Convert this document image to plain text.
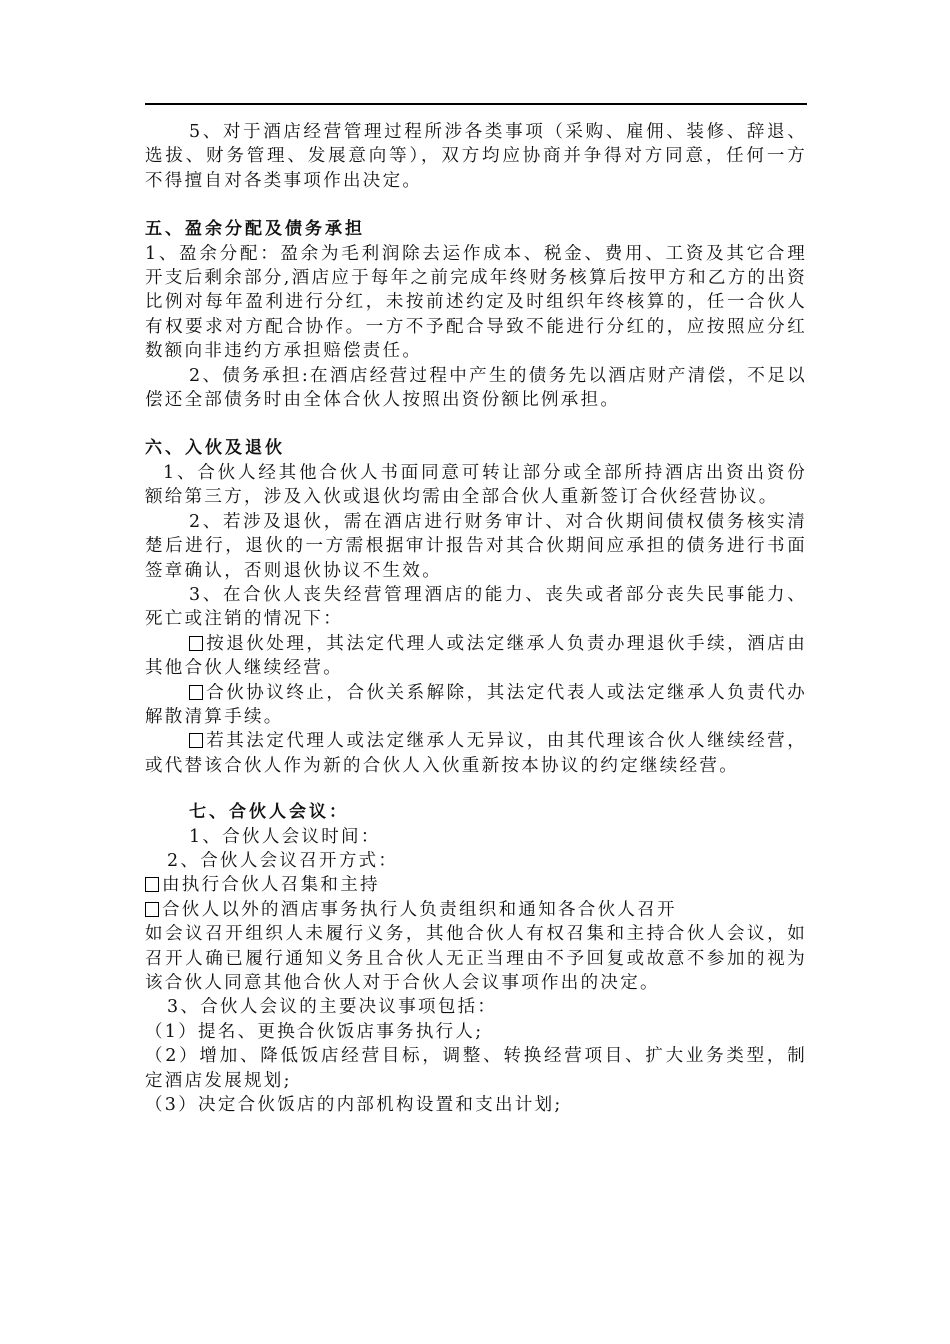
5、对于酒店经营管理过程所涉各类事项（采购、雇佣、装修、辞退、选拔、财务管理、发展意向等），双方均应协商并争得对方同意，任何一方不得擅自对各类事项作出决定。

五、盈余分配及债务承担

1、盈余分配：盈余为毛利润除去运作成本、税金、费用、工资及其它合理开支后剩余部分,酒店应于每年之前完成年终财务核算后按甲方和乙方的出资比例对每年盈利进行分红，未按前述约定及时组织年终核算的，任一合伙人有权要求对方配合协作。一方不予配合导致不能进行分红的，应按照应分红数额向非违约方承担赔偿责任。

2、债务承担:在酒店经营过程中产生的债务先以酒店财产清偿，不足以偿还全部债务时由全体合伙人按照出资份额比例承担。

六、入伙及退伙

1、合伙人经其他合伙人书面同意可转让部分或全部所持酒店出资出资份额给第三方，涉及入伙或退伙均需由全部合伙人重新签订合伙经营协议。

2、若涉及退伙，需在酒店进行财务审计、对合伙期间债权债务核实清楚后进行，退伙的一方需根据审计报告对其合伙期间应承担的债务进行书面签章确认，否则退伙协议不生效。

3、在合伙人丧失经营管理酒店的能力、丧失或者部分丧失民事能力、死亡或注销的情况下：

按退伙处理，其法定代理人或法定继承人负责办理退伙手续，酒店由其他合伙人继续经营。

合伙协议终止，合伙关系解除，其法定代表人或法定继承人负责代办解散清算手续。

若其法定代理人或法定继承人无异议，由其代理该合伙人继续经营，或代替该合伙人作为新的合伙人入伙重新按本协议的约定继续经营。

七、合伙人会议：

1、合伙人会议时间：

2、合伙人会议召开方式：

由执行合伙人召集和主持

合伙人以外的酒店事务执行人负责组织和通知各合伙人召开

如会议召开组织人未履行义务，其他合伙人有权召集和主持合伙人会议，如召开人确已履行通知义务且合伙人无正当理由不予回复或故意不参加的视为该合伙人同意其他合伙人对于合伙人会议事项作出的决定。

3、合伙人会议的主要决议事项包括：

（1）提名、更换合伙饭店事务执行人;

（2）增加、降低饭店经营目标，调整、转换经营项目、扩大业务类型，制定酒店发展规划;

（3）决定合伙饭店的内部机构设置和支出计划;
